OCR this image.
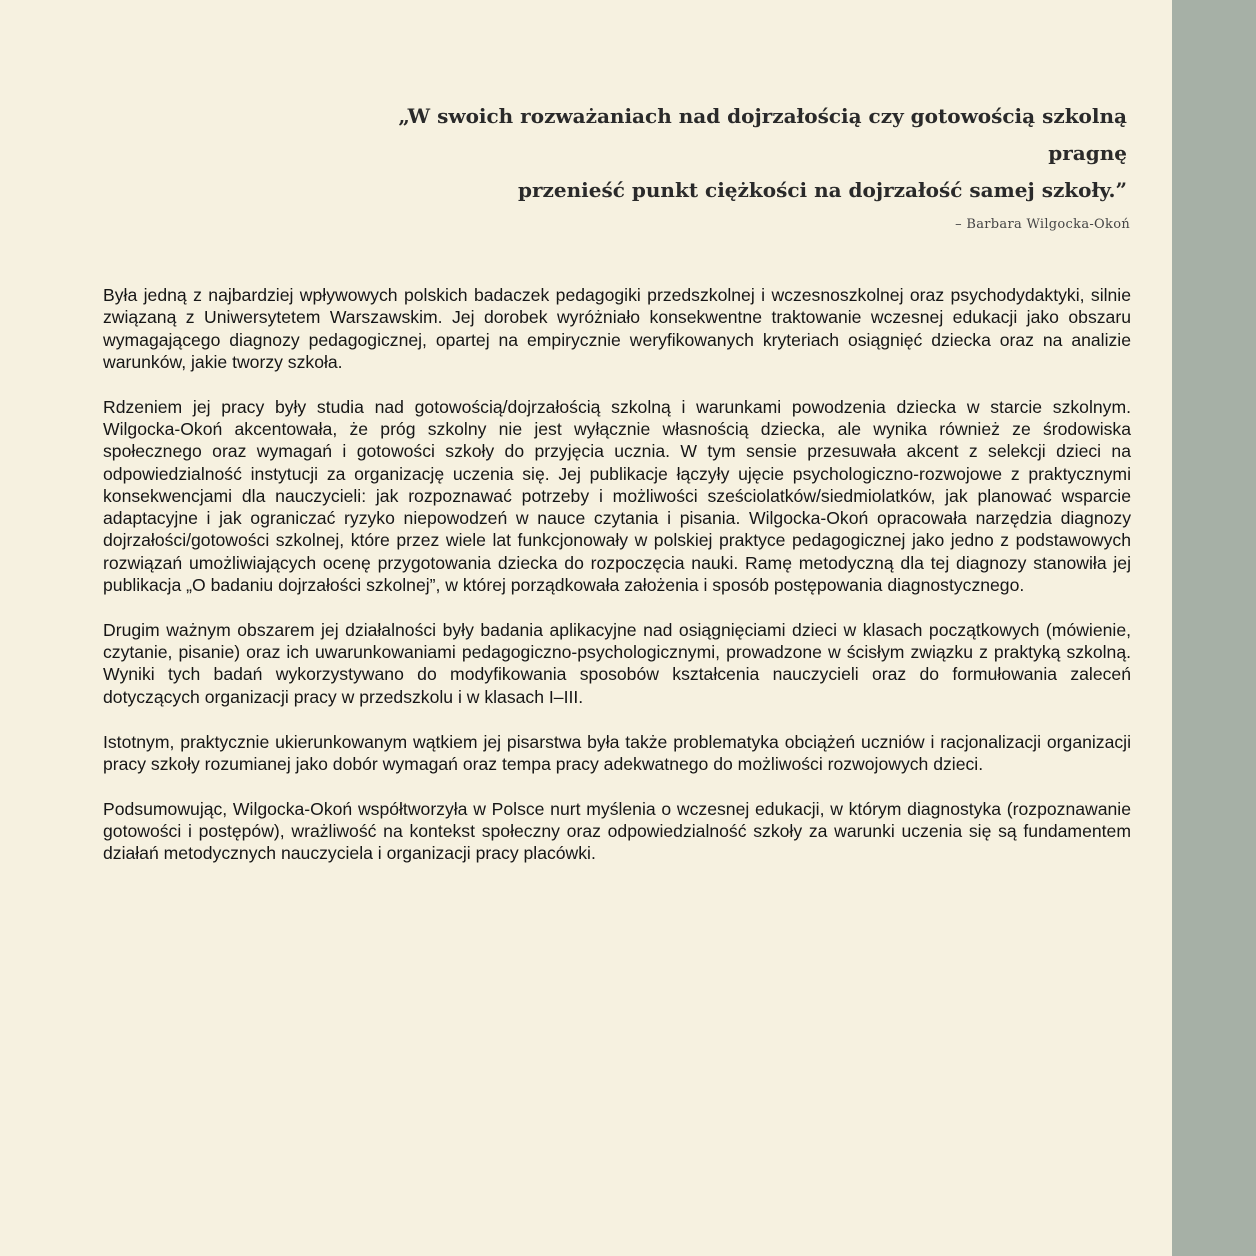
„W swoich rozważaniach nad dojrzałością czy gotowością szkolną pragnę

przenieść punkt ciężkości na dojrzałość samej szkoły.”

– Barbara Wilgocka-Okoń

Była jedną z najbardziej wpływowych polskich badaczek pedagogiki przedszkolnej i wczesnoszkolnej oraz psychodydaktyki, silnie związaną z Uniwersytetem Warszawskim. Jej dorobek wyróżniało konsekwentne traktowanie wczesnej edukacji jako obszaru wymagającego diagnozy pedagogicznej, opartej na empirycznie weryfikowanych kryteriach osiągnięć dziecka oraz na analizie warunków, jakie tworzy szkoła.

Rdzeniem jej pracy były studia nad gotowością/dojrzałością szkolną i warunkami powodzenia dziecka w starcie szkolnym. Wilgocka-Okoń akcentowała, że próg szkolny nie jest wyłącznie własnością dziecka, ale wynika również ze środowiska społecznego oraz wymagań i gotowości szkoły do przyjęcia ucznia. W tym sensie przesuwała akcent z selekcji dzieci na odpowiedzialność instytucji za organizację uczenia się. Jej publikacje łączyły ujęcie psychologiczno-rozwojowe z praktycznymi konsekwencjami dla nauczycieli: jak rozpoznawać potrzeby i możliwości sześciolatków/siedmiolatków, jak planować wsparcie adaptacyjne i jak ograniczać ryzyko niepowodzeń w nauce czytania i pisania. Wilgocka-Okoń opracowała narzędzia diagnozy dojrzałości/gotowości szkolnej, które przez wiele lat funkcjonowały w polskiej praktyce pedagogicznej jako jedno z podstawowych rozwiązań umożliwiających ocenę przygotowania dziecka do rozpoczęcia nauki. Ramę metodyczną dla tej diagnozy stanowiła jej publikacja „O badaniu dojrzałości szkolnej”, w której porządkowała założenia i sposób postępowania diagnostycznego.

Drugim ważnym obszarem jej działalności były badania aplikacyjne nad osiągnięciami dzieci w klasach początkowych (mówienie, czytanie, pisanie) oraz ich uwarunkowaniami pedagogiczno-psychologicznymi, prowadzone w ścisłym związku z praktyką szkolną. Wyniki tych badań wykorzystywano do modyfikowania sposobów kształcenia nauczycieli oraz do formułowania zaleceń dotyczących organizacji pracy w przedszkolu i w klasach I–III.

Istotnym, praktycznie ukierunkowanym wątkiem jej pisarstwa była także problematyka obciążeń uczniów i racjonalizacji organizacji pracy szkoły rozumianej jako dobór wymagań oraz tempa pracy adekwatnego do możliwości rozwojowych dzieci.

Podsumowując, Wilgocka-Okoń współtworzyła w Polsce nurt myślenia o wczesnej edukacji, w którym diagnostyka (rozpoznawanie gotowości i postępów), wrażliwość na kontekst społeczny oraz odpowiedzialność szkoły za warunki uczenia się są fundamentem działań metodycznych nauczyciela i organizacji pracy placówki.
